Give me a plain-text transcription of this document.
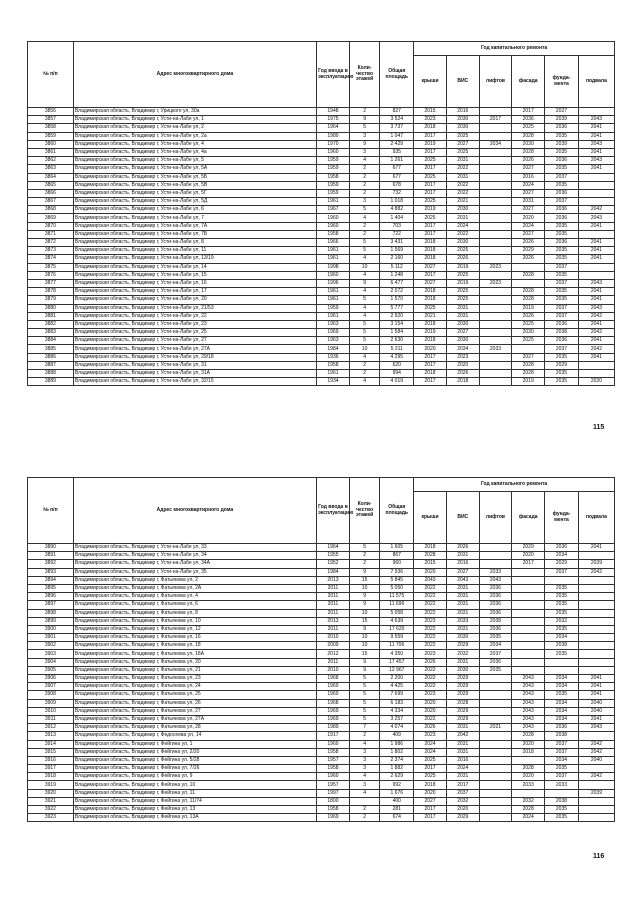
№ п/п	Адрес многоквартирного дома	Год ввода в эксплуатацию	Коли-чество этажей	Общая площадь	Год капитального ремонта					
					крыши	ВИС	лифтов	фасада	фунда-мента	подвала
3856	Владимирская область, Владимир г, Урицкого ул, 30а	1948	2	827	2015	2016		2017	2027	
3857	Владимирская область, Владимир г, Усти-на-Лабе ул, 1	1975	9	3 524	2023	2030	2017	2036	2039	2043
3858	Владимирская область, Владимир г, Усти-на-Лабе ул, 2	1964	5	3 737	2018	2030		2025	2036	2041
3859	Владимирская область, Владимир г, Усти-на-Лабе ул, 2а	1980	3	1 047	2017	2025		2028	2035	2041
3860	Владимирская область, Владимир г, Усти-на-Лабе ул, 4	1970	9	2 429	2019	2027	2034	2030	2039	2043
3861	Владимирская область, Владимир г, Усти-на-Лабе ул, 4а	1960	3	935	2017	2025		2028	2035	2041
3862	Владимирская область, Владимир г, Усти-на-Лабе ул, 5	1959	4	1 261	2025	2031		2026	2036	2043
3863	Владимирская область, Владимир г, Усти-на-Лабе ул, 5А	1959	2	677	2017	2022		2027	2035	2041
3864	Владимирская область, Владимир г, Усти-на-Лабе ул, 5Б	1958	2	677	2025	2031		2016	2037	
3865	Владимирская область, Владимир г, Усти-на-Лабе ул, 5В	1959	2	678	2017	2022		2024	2035	
3866	Владимирская область, Владимир г, Усти-на-Лабе ул, 5Г	1959	2	732	2017	2022		2027	2036	
3867	Владимирская область, Владимир г, Усти-на-Лабе ул, 5Д	1961	3	1 018	2025	2021		2031	2037	
3868	Владимирская область, Владимир г, Усти-на-Лабе ул, 6	1967	5	4 882	2019	2030		2027	2036	2042
3869	Владимирская область, Владимир г, Усти-на-Лабе ул, 7	1960	4	1 404	2025	2031		2020	2036	2043
3870	Владимирская область, Владимир г, Усти-на-Лабе ул, 7А	1960	2	703	2017	2024		2024	2035	2041
3871	Владимирская область, Владимир г, Усти-на-Лабе ул, 7Б	1958	2	722	2017	2022		2027	2035	
3872	Владимирская область, Владимир г, Усти-на-Лабе ул, 8	1966	5	3 431	2018	2030		2026	2036	2041
3873	Владимирская область, Владимир г, Усти-на-Лабе ул, 11	1961	5	1 569	2018	2025		2029	2035	2041
3874	Владимирская область, Владимир г, Усти-на-Лабе ул, 13/19	1961	4	2 160	2018	2026		2026	2035	2041
3875	Владимирская область, Владимир г, Усти-на-Лабе ул, 14	1998	10	5 112	2027	2019	2023		2037	
3876	Владимирская область, Владимир г, Усти-на-Лабе ул, 15	1960	4	1 248	2017	2025		2028	2035	
3877	Владимирская область, Владимир г, Усти-на-Лабе ул, 16	1996	9	6 477	2027	2019	2023		2037	2043
3878	Владимирская область, Владимир г, Усти-на-Лабе ул, 17	1961	4	2 072	2018	2025		2028	2035	2041
3879	Владимирская область, Владимир г, Усти-на-Лабе ул, 20	1961	5	1 570	2018	2025		2028	2035	2041
3880	Владимирская область, Владимир г, Усти-на-Лабе ул, 21/53	1959	4	5 777	2025	2031		2019	2037	2043
3881	Владимирская область, Владимир г, Усти-на-Лабе ул, 22	1961	4	2 920	2021	2031		2026	2037	2042
3882	Владимирская область, Владимир г, Усти-на-Лабе ул, 23	1963	5	3 154	2018	2030		2025	2036	2041
3883	Владимирская область, Владимир г, Усти-на-Лабе ул, 25	1969	5	1 584	2019	2027		2030	2038	2042
3884	Владимирская область, Владимир г, Усти-на-Лабе ул, 27	1963	5	2 630	2018	2030		2025	2036	2041
3885	Владимирская область, Владимир г, Усти-на-Лабе ул, 27А	1984	10	5 211	2020	2034	2033		2037	2042
3886	Владимирская область, Владимир г, Усти-на-Лабе ул, 29/18	1936	4	4 295	2017	2023		2027	2035	2041
3887	Владимирская область, Владимир г, Усти-на-Лабе ул, 31	1958	2	620	2017	2020		2028	2029	
3888	Владимирская область, Владимир г, Усти-на-Лабе ул, 31А	1961	2	994	2018	2026		2028	2035	
3889	Владимирская область, Владимир г, Усти-на-Лабе ул, 32/15	1934	4	4 019	2017	2018		2019	2035	2020
115
№ п/п	Адрес многоквартирного дома	Год ввода в эксплуатацию	Коли-чество этажей	Общая площадь	Год капитального ремонта					
					крыши	ВИС	лифтов	фасада	фунда-мента	подвала
3890	Владимирская область, Владимир г, Усти-на-Лабе ул, 33	1964	5	1 605	2018	2026		2029	2036	2041
3891	Владимирская область, Владимир г, Усти-на-Лабе ул, 34	1955	2	867	2028	2031		2020	2034	
3892	Владимирская область, Владимир г, Усти-на-Лабе ул, 34А	1952	2	960	2015	2016		2017	2029	2039
3893	Владимирская область, Владимир г, Усти-на-Лабе ул, 35	1984	9	7 936	2020	2027	2033		2037	2042
3894	Владимирская область, Владимир г, Фатьянова ул, 2	2013	15	5 845	2043	2043	2043			
3895	Владимирская область, Владимир г, Фатьянова ул, 2А	2011	10	5 050	2022	2031	2036		2035	
3896	Владимирская область, Владимир г, Фатьянова ул, 4	2011	9	11 575	2022	2031	2036		2035	
3897	Владимирская область, Владимир г, Фатьянова ул, 6	2011	9	11 696	2022	2031	2036		2035	
3898	Владимирская область, Владимир г, Фатьянова ул, 8	2011	10	5 058	2022	2031	2036		2035	
3899	Владимирская область, Владимир г, Фатьянова ул, 10	2013	15	4 639	2023	2033	2038		2032	
3900	Владимирская область, Владимир г, Фатьянова ул, 12	2011	9	17 620	2022	2031	2036		2035	
3901	Владимирская область, Владимир г, Фатьянова ул, 16	2010	10	9 559	2022	2030	2035		2034	
3902	Владимирская область, Владимир г, Фатьянова ул, 18	2009	10	11 706	2022	2029	2034		2038	
3903	Владимирская область, Владимир г, Фатьянова ул, 18А	2012	15	4 350	2023	2032	2037		2035	
3904	Владимирская область, Владимир г, Фатьянова ул, 20	2011	9	17 457	2026	2031	2036			
3905	Владимирская область, Владимир г, Фатьянова ул, 21	2010	9	12 967	2022	2030	2035			
3906	Владимирская область, Владимир г, Фатьянова ул, 23	1968	5	2 200	2022	2029		2043	2034	2041
3907	Владимирская область, Владимир г, Фатьянова ул, 24	1969	5	4 425	2022	2029		2043	2034	2041
3908	Владимирская область, Владимир г, Фатьянова ул, 25	1969	5	7 699	2023	2029		2043	2035	2041
3909	Владимирская область, Владимир г, Фатьянова ул, 26	1968	5	6 183	2020	2028		2043	2034	2040
3910	Владимирская область, Владимир г, Фатьянова ул, 27	1969	5	4 334	2020	2029		2043	2034	2040
3911	Владимирская область, Владимир г, Фатьянова ул, 27А	1969	5	3 257	2022	2029		2043	2034	2041
3912	Владимирская область, Владимир г, Фатьянова ул, 28	1989	7	4 074	2026	2031	2021	2043	2036	2043
3913	Владимирская область, Владимир г, Федосеева ул, 14	1917	2	409	2023	2042		2028	2038	
3914	Владимирская область, Владимир г, Фейгина ул, 1	1960	4	1 986	2024	2031		2020	2037	2042
3915	Владимирская область, Владимир г, Фейгина ул, 2/20	1958	3	1 802	2024	2031		2018	2037	2042
3916	Владимирская область, Владимир г, Фейгина ул, 5/28	1957	3	2 374	2025	2016			2034	2040
3917	Владимирская область, Владимир г, Фейгина ул, 7/26	1958	3	1 882	2017	2024		2028	2035	
3918	Владимирская область, Владимир г, Фейгина ул, 9	1960	4	2 629	2025	2031		2020	2037	2042
3919	Владимирская область, Владимир г, Фейгина ул, 10	1957	3	992	2018	2017		2033	2033	
3920	Владимирская область, Владимир г, Фейгина ул, 11	1997	4	1 676	2020	2037				2039
3921	Владимирская область, Владимир г, Фейгина ул, 11/74	1800		400	2027	2032		2032	2038	
3922	Владимирская область, Владимир г, Фейгина ул, 13	1958	2	281	2017	2020		2028	2035	
3923	Владимирская область, Владимир г, Фейгина ул, 13А	1969	2	674	2017	2029		2024	2035	
116
